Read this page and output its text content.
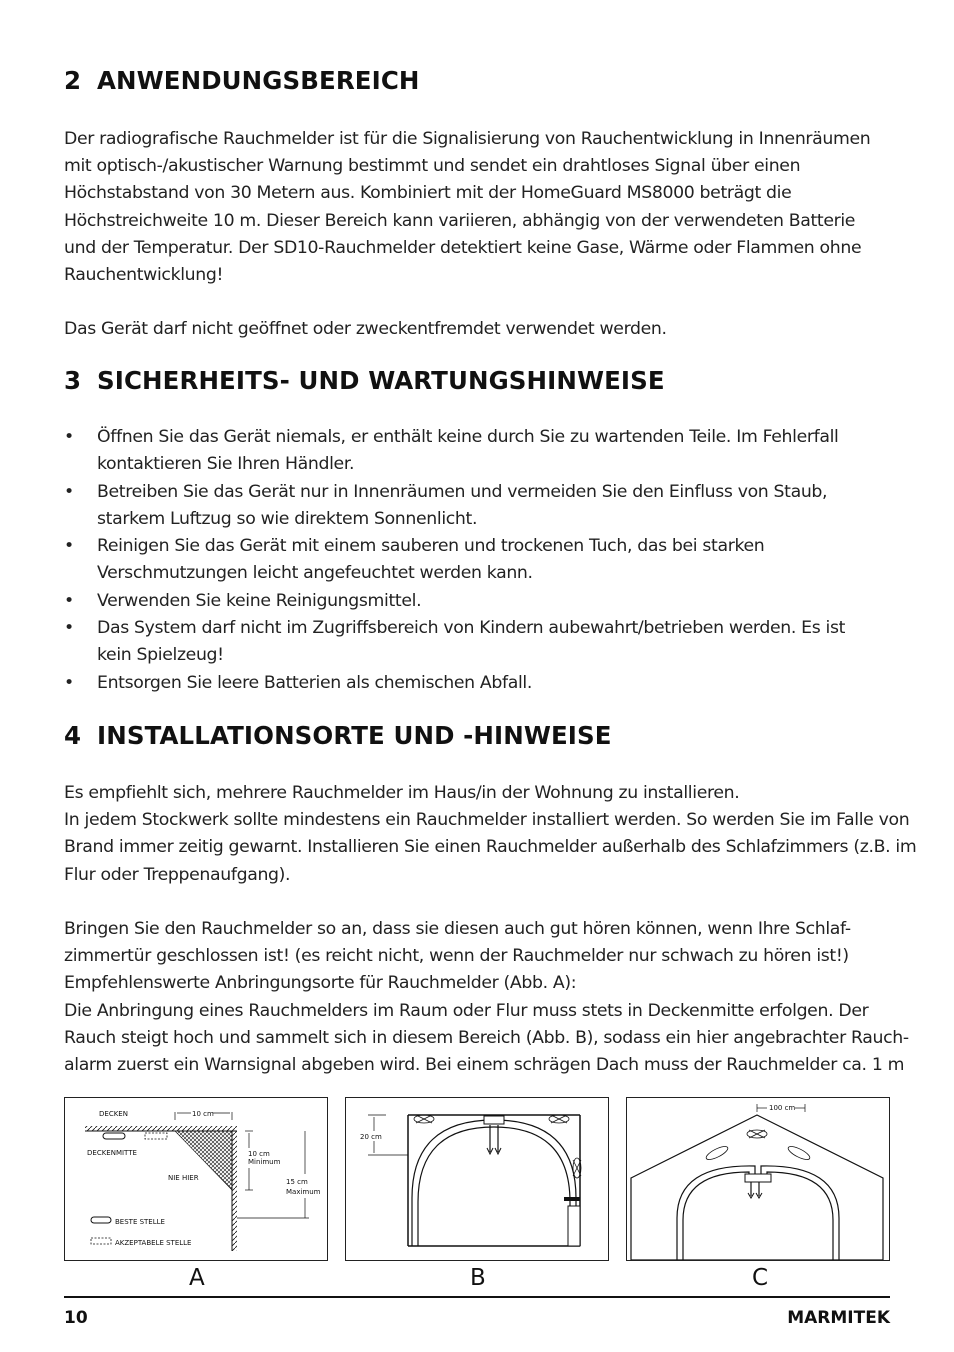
2 ANWENDUNGSBEREICH

Der radiografische Rauchmelder ist für die Signalisierung von Rauchentwicklung in Innenräumen
mit optisch-/akustischer Warnung bestimmt und sendet ein drahtloses Signal über einen
Höchstabstand von 30 Metern aus. Kombiniert mit der HomeGuard MS8000 beträgt die
Höchstreichweite 10 m. Dieser Bereich kann variieren, abhängig von der verwendeten Batterie
und der Temperatur. Der SD10-Rauchmelder detektiert keine Gase, Wärme oder Flammen ohne
Rauchentwicklung!

Das Gerät darf nicht geöffnet oder zweckentfremdet verwendet werden.

3 SICHERHEITS- UND WARTUNGSHINWEISE
• Öffnen Sie das Gerät niemals, er enthält keine durch Sie zu wartenden Teile. Im Fehlerfall
kontaktieren Sie Ihren Händler.
• Betreiben Sie das Gerät nur in Innenräumen und vermeiden Sie den Einfluss von Staub,
starkem Luftzug so wie direktem Sonnenlicht.
• Reinigen Sie das Gerät mit einem sauberen und trockenen Tuch, das bei starken
Verschmutzungen leicht angefeuchtet werden kann.
• Verwenden Sie keine Reinigungsmittel.
• Das System darf nicht im Zugriffsbereich von Kindern aubewahrt/betrieben werden. Es ist
kein Spielzeug!
• Entsorgen Sie leere Batterien als chemischen Abfall.
4 INSTALLATIONSORTE UND -HINWEISE

Es empfiehlt sich, mehrere Rauchmelder im Haus/in der Wohnung zu installieren.
In jedem Stockwerk sollte mindestens ein Rauchmelder installiert werden. So werden Sie im Falle von
Brand immer zeitig gewarnt. Installieren Sie einen Rauchmelder außerhalb des Schlafzimmers (z.B. im
Flur oder Treppenaufgang).

Bringen Sie den Rauchmelder so an, dass sie diesen auch gut hören können, wenn Ihre Schlaf-
zimmertür geschlossen ist! (es reicht nicht, wenn der Rauchmelder nur schwach zu hören ist!)
Empfehlenswerte Anbringungsorte für Rauchmelder (Abb. A):
Die Anbringung eines Rauchmelders im Raum oder Flur muss stets in Deckenmitte erfolgen. Der
Rauch steigt hoch und sammelt sich in diesem Bereich (Abb. B), sodass ein hier angebrachter Rauch-
alarm zuerst ein Warnsignal abgeben wird. Bei einem schrägen Dach muss der Rauchmelder ca. 1 m

10 cm
DECKEN
DECKENMITTE
NIE HIER
10 cm
Minimum
15 cm
Maximum
BESTE STELLE
AKZEPTABELE STELLE
20 cm
100 cm
A	B	C
10	MARMITEK
